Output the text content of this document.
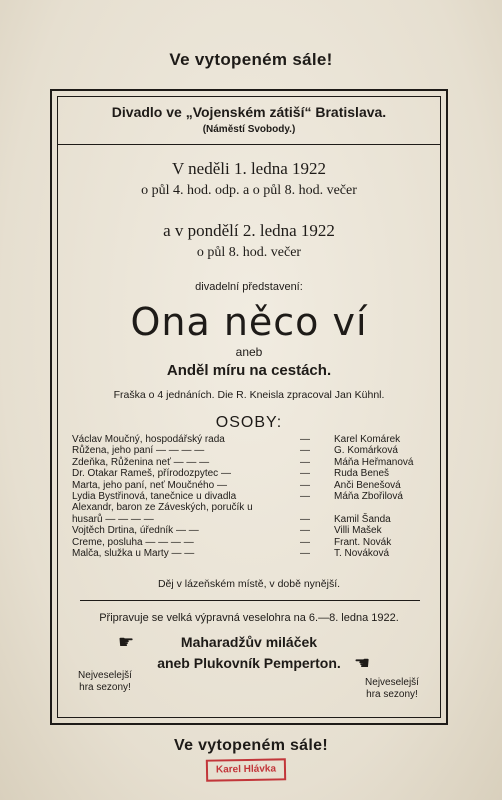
Ve vytopeném sále!
Divadlo ve „Vojenském zátiší“ Bratislava.
(Náměstí Svobody.)
V neděli 1. ledna 1922
o půl 4. hod. odp. a o půl 8. hod. večer
a v pondělí 2. ledna 1922
o půl 8. hod. večer
divadelní představení:
Ona něco ví
aneb
Anděl míru na cestách.
Fraška o 4 jednáních. Die R. Kneisla zpracoval Jan Kühnl.
OSOBY:
Václav Moučný, hospodářský rada	— Karel Komárek
Růžena, jeho paní — — — —	— G. Komárková
Zdeňka, Růženina neť — — —	— Máňa Heřmanová
Dr. Otakar Rameš, přírodozpytec —	— Ruda Beneš
Marta, jeho paní, neť Moučného —	— Anči Benešová
Lydia Bystřinová, tanečnice u divadla	— Máňa Zbořilová
Alexandr, baron ze Záveských, poručík u
husarů — — — —	— Kamil Šanda
Vojtěch Drtina, úředník — —	— Villi Mašek
Creme, posluha — — — —	— Frant. Novák
Malča, služka u Marty — —	— T. Nováková
Děj v lázeňském místě, v době nynější.
Připravuje se velká výpravná veselohra na 6.—8. ledna 1922.
☛	Maharadžův miláček
aneb Plukovník Pemperton. ☛
Nejveselejší
hra sezony!	Nejveselejší
hra sezony!
Ve vytopeném sále!
Karel Hlávka
